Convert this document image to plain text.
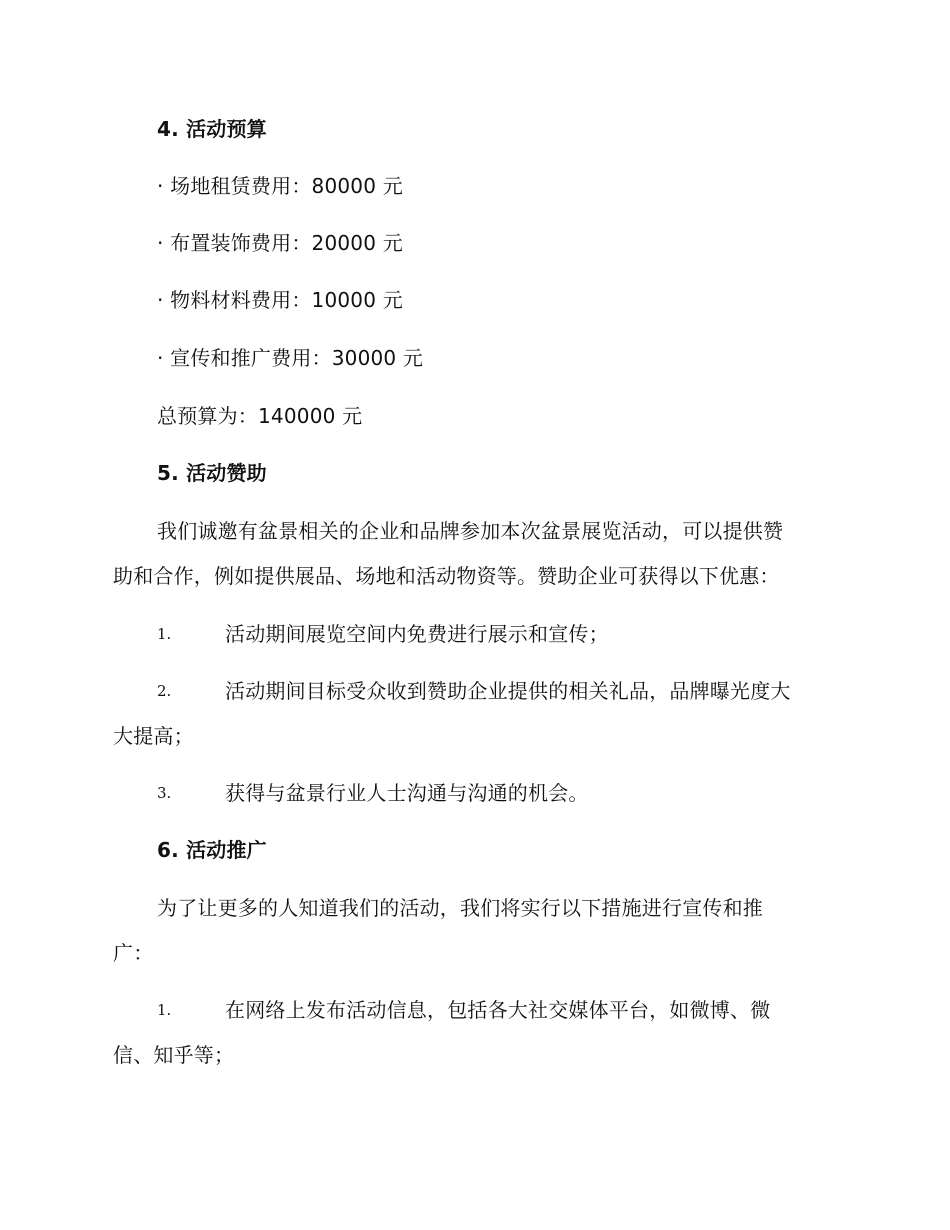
4. 活动预算
· 场地租赁费用：80000 元
· 布置装饰费用：20000 元
· 物料材料费用：10000 元
· 宣传和推广费用：30000 元
总预算为：140000 元
5. 活动赞助
我们诚邀有盆景相关的企业和品牌参加本次盆景展览活动，可以提供赞
助和合作，例如提供展品、场地和活动物资等。赞助企业可获得以下优惠：
1.	活动期间展览空间内免费进行展示和宣传；
2.	活动期间目标受众收到赞助企业提供的相关礼品，品牌曝光度大
大提高；
3.	获得与盆景行业人士沟通与沟通的机会。
6. 活动推广
为了让更多的人知道我们的活动，我们将实行以下措施进行宣传和推
广：
1.	在网络上发布活动信息，包括各大社交媒体平台，如微博、微
信、知乎等；
